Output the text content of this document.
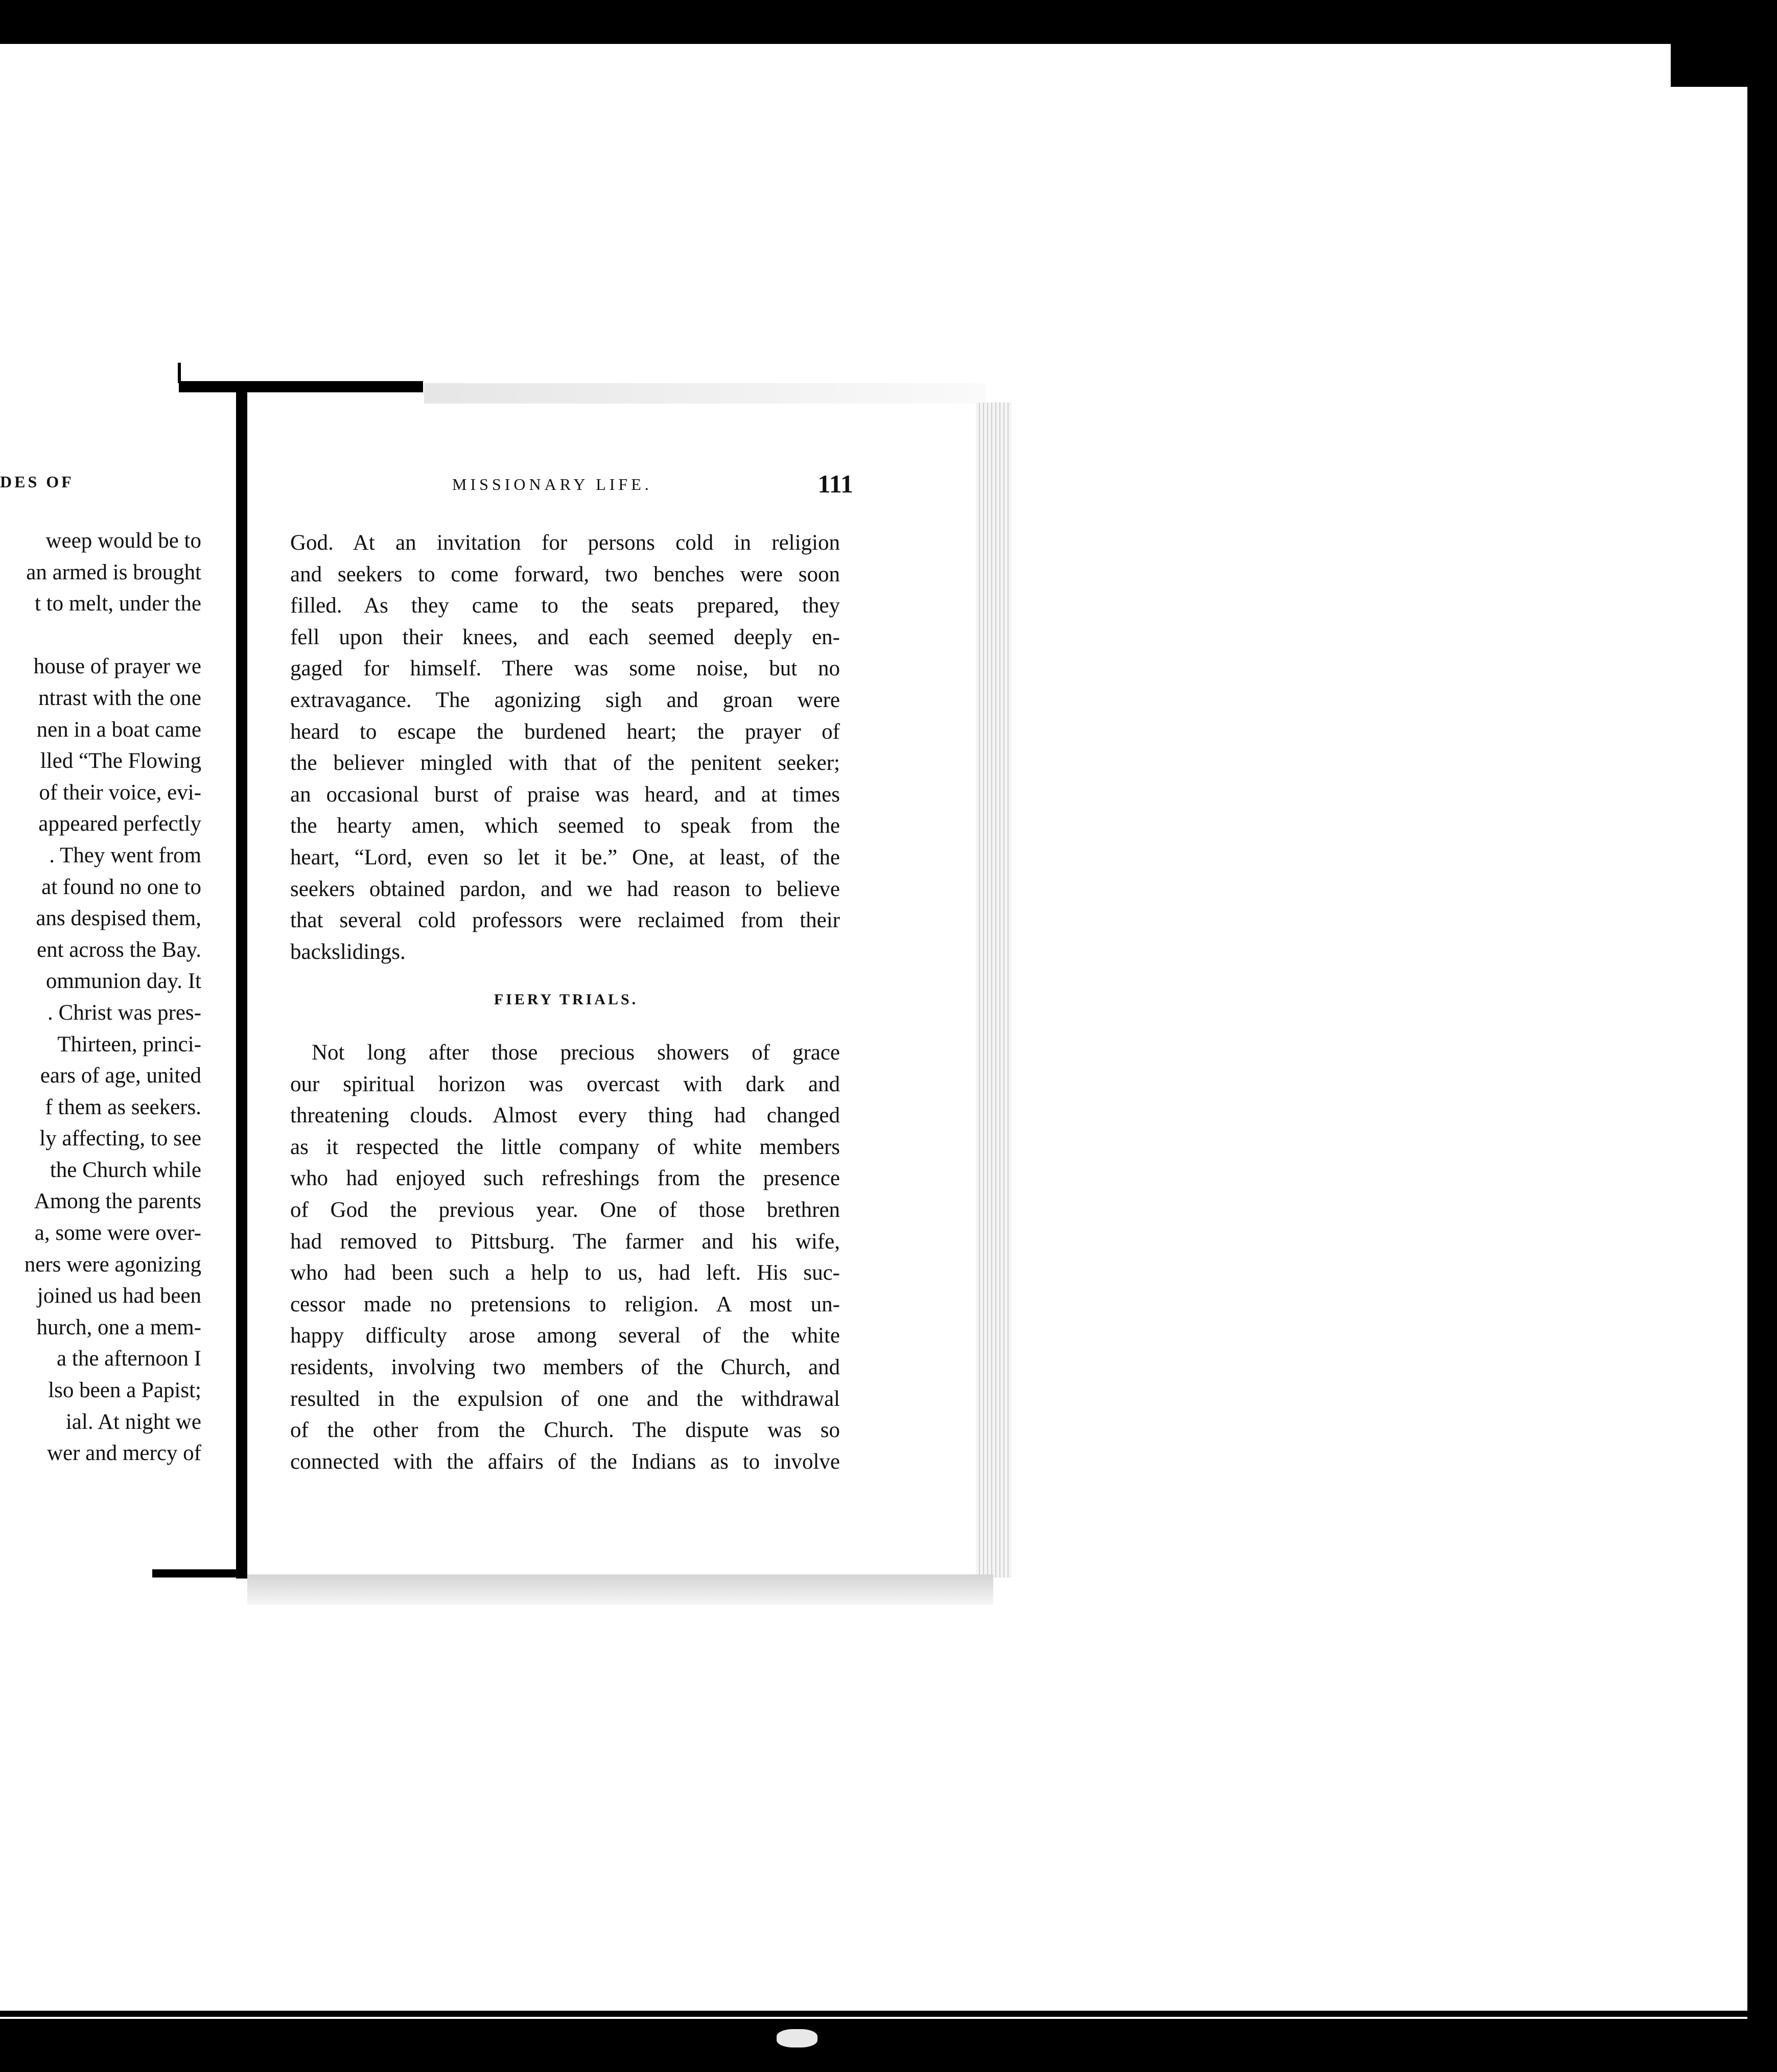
DES OF
weep would be to
an armed is brought
t to melt, under the
house of prayer we
ntrast with the one
nen in a boat came
lled “The Flowing
of their voice, evi-
appeared perfectly
. They went from
at found no one to
ans despised them,
ent across the Bay.
ommunion day. It
. Christ was pres-
Thirteen, princi-
ears of age, united
f them as seekers.
ly affecting, to see
the Church while
Among the parents
a, some were over-
ners were agonizing
joined us had been
hurch, one a mem-
a the afternoon I
lso been a Papist;
ial. At night we
wer and mercy of
MISSIONARY LIFE.	111
God. At an invitation for persons cold in religion
and seekers to come forward, two benches were soon
filled. As they came to the seats prepared, they
fell upon their knees, and each seemed deeply en-
gaged for himself. There was some noise, but no
extravagance. The agonizing sigh and groan were
heard to escape the burdened heart; the prayer of
the believer mingled with that of the penitent seeker;
an occasional burst of praise was heard, and at times
the hearty amen, which seemed to speak from the
heart, “Lord, even so let it be.” One, at least, of the
seekers obtained pardon, and we had reason to believe
that several cold professors were reclaimed from their
backslidings.
FIERY TRIALS.
Not long after those precious showers of grace
our spiritual horizon was overcast with dark and
threatening clouds. Almost every thing had changed
as it respected the little company of white members
who had enjoyed such refreshings from the presence
of God the previous year. One of those brethren
had removed to Pittsburg. The farmer and his wife,
who had been such a help to us, had left. His suc-
cessor made no pretensions to religion. A most un-
happy difficulty arose among several of the white
residents, involving two members of the Church, and
resulted in the expulsion of one and the withdrawal
of the other from the Church. The dispute was so
connected with the affairs of the Indians as to involve
